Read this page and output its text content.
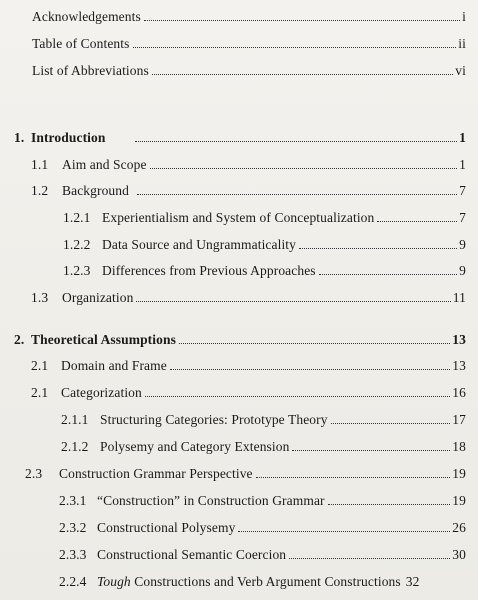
Acknowledgements	i
Table of Contents	ii
List of Abbreviations	vi
1. Introduction	1
1.1	Aim and Scope	1
1.2	Background	7
1.2.1 Experientialism and System of Conceptualization	7
1.2.2 Data Source and Ungrammaticality	9
1.2.3 Differences from Previous Approaches	9
1.3	Organization	11
2. Theoretical Assumptions	13
2.1 Domain and Frame	13
2.1 Categorization	16
2.1.1 Structuring Categories: Prototype Theory	17
2.1.2 Polysemy and Category Extension	18
2.3	Construction Grammar Perspective	19
2.3.1 “Construction” in Construction Grammar	19
2.3.2 Constructional Polysemy	26
2.3.3 Constructional Semantic Coercion	30
2.2.4 Tough Constructions and Verb Argument Constructions 32
